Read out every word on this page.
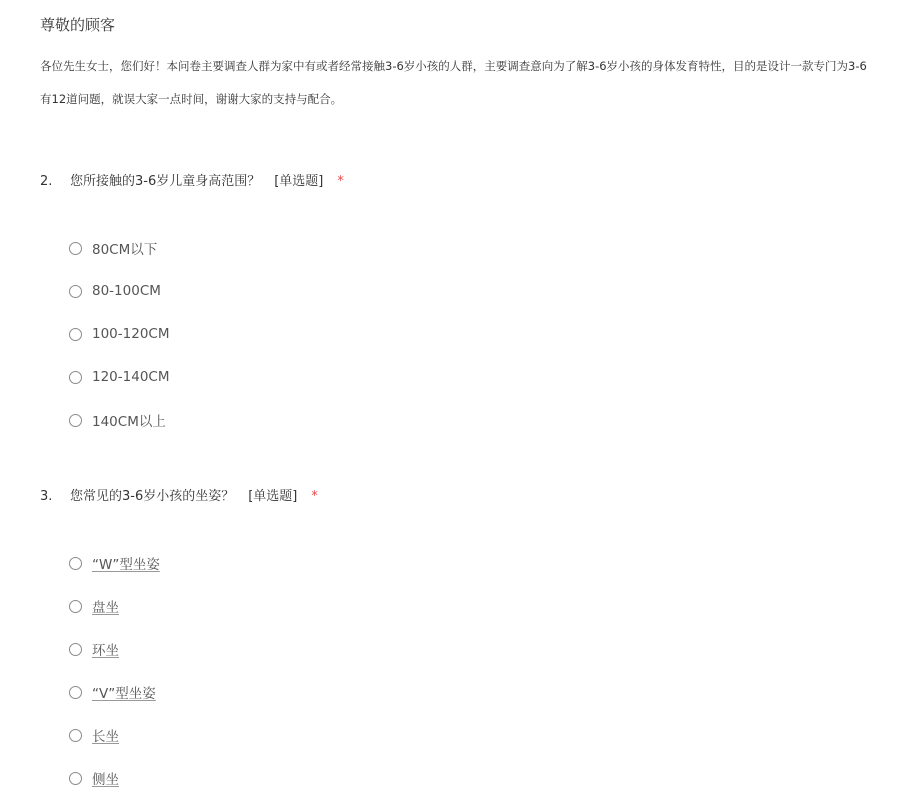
尊敬的顾客
各位先生女士，您们好！本问卷主要调查人群为家中有或者经常接触3-6岁小孩的人群，主要调查意向为了解3-6岁小孩的身体发育特性，目的是设计一款专门为3-6
有12道问题，就误大家一点时间，谢谢大家的支持与配合。
2. 您所接触的3-6岁儿童身高范围？ [单选题] *
80CM以下
80-100CM
100-120CM
120-140CM
140CM以上
3. 您常见的3-6岁小孩的坐姿？ [单选题] *
“W”型坐姿
盘坐
环坐
“V”型坐姿
长坐
侧坐
